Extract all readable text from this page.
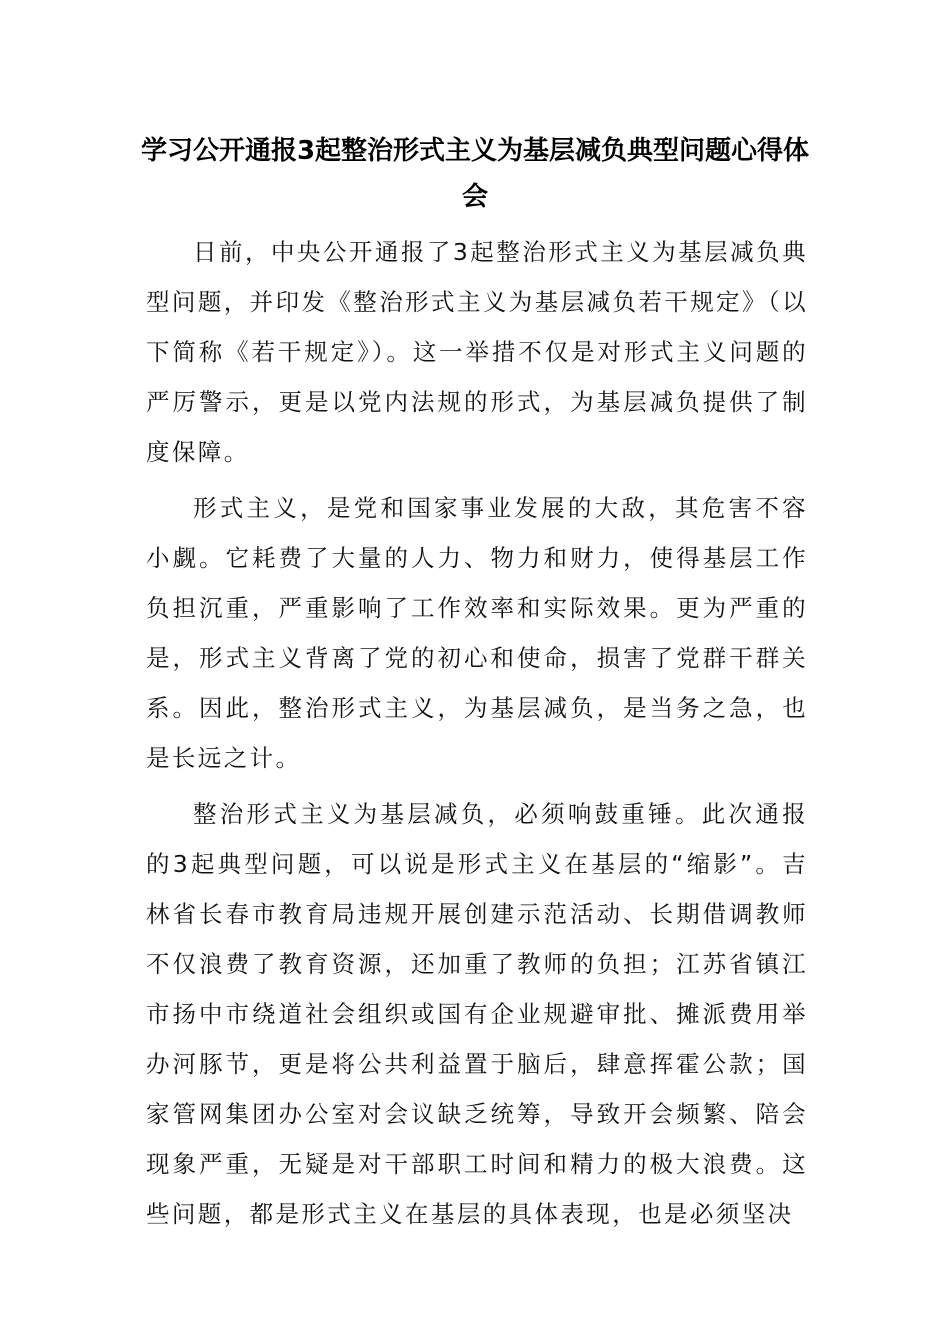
学习公开通报3起整治形式主义为基层减负典型问题心得体会

日前，中央公开通报了3起整治形式主义为基层减负典型问题，并印发《整治形式主义为基层减负若干规定》（以下简称《若干规定》）。这一举措不仅是对形式主义问题的严厉警示，更是以党内法规的形式，为基层减负提供了制度保障。

形式主义，是党和国家事业发展的大敌，其危害不容小觑。它耗费了大量的人力、物力和财力，使得基层工作负担沉重，严重影响了工作效率和实际效果。更为严重的是，形式主义背离了党的初心和使命，损害了党群干群关系。因此，整治形式主义，为基层减负，是当务之急，也是长远之计。

整治形式主义为基层减负，必须响鼓重锤。此次通报的3起典型问题，可以说是形式主义在基层的“缩影”。吉林省长春市教育局违规开展创建示范活动、长期借调教师不仅浪费了教育资源，还加重了教师的负担；江苏省镇江市扬中市绕道社会组织或国有企业规避审批、摊派费用举办河豚节，更是将公共利益置于脑后，肆意挥霍公款；国家管网集团办公室对会议缺乏统筹，导致开会频繁、陪会现象严重，无疑是对干部职工时间和精力的极大浪费。这些问题，都是形式主义在基层的具体表现，也是必须坚决
